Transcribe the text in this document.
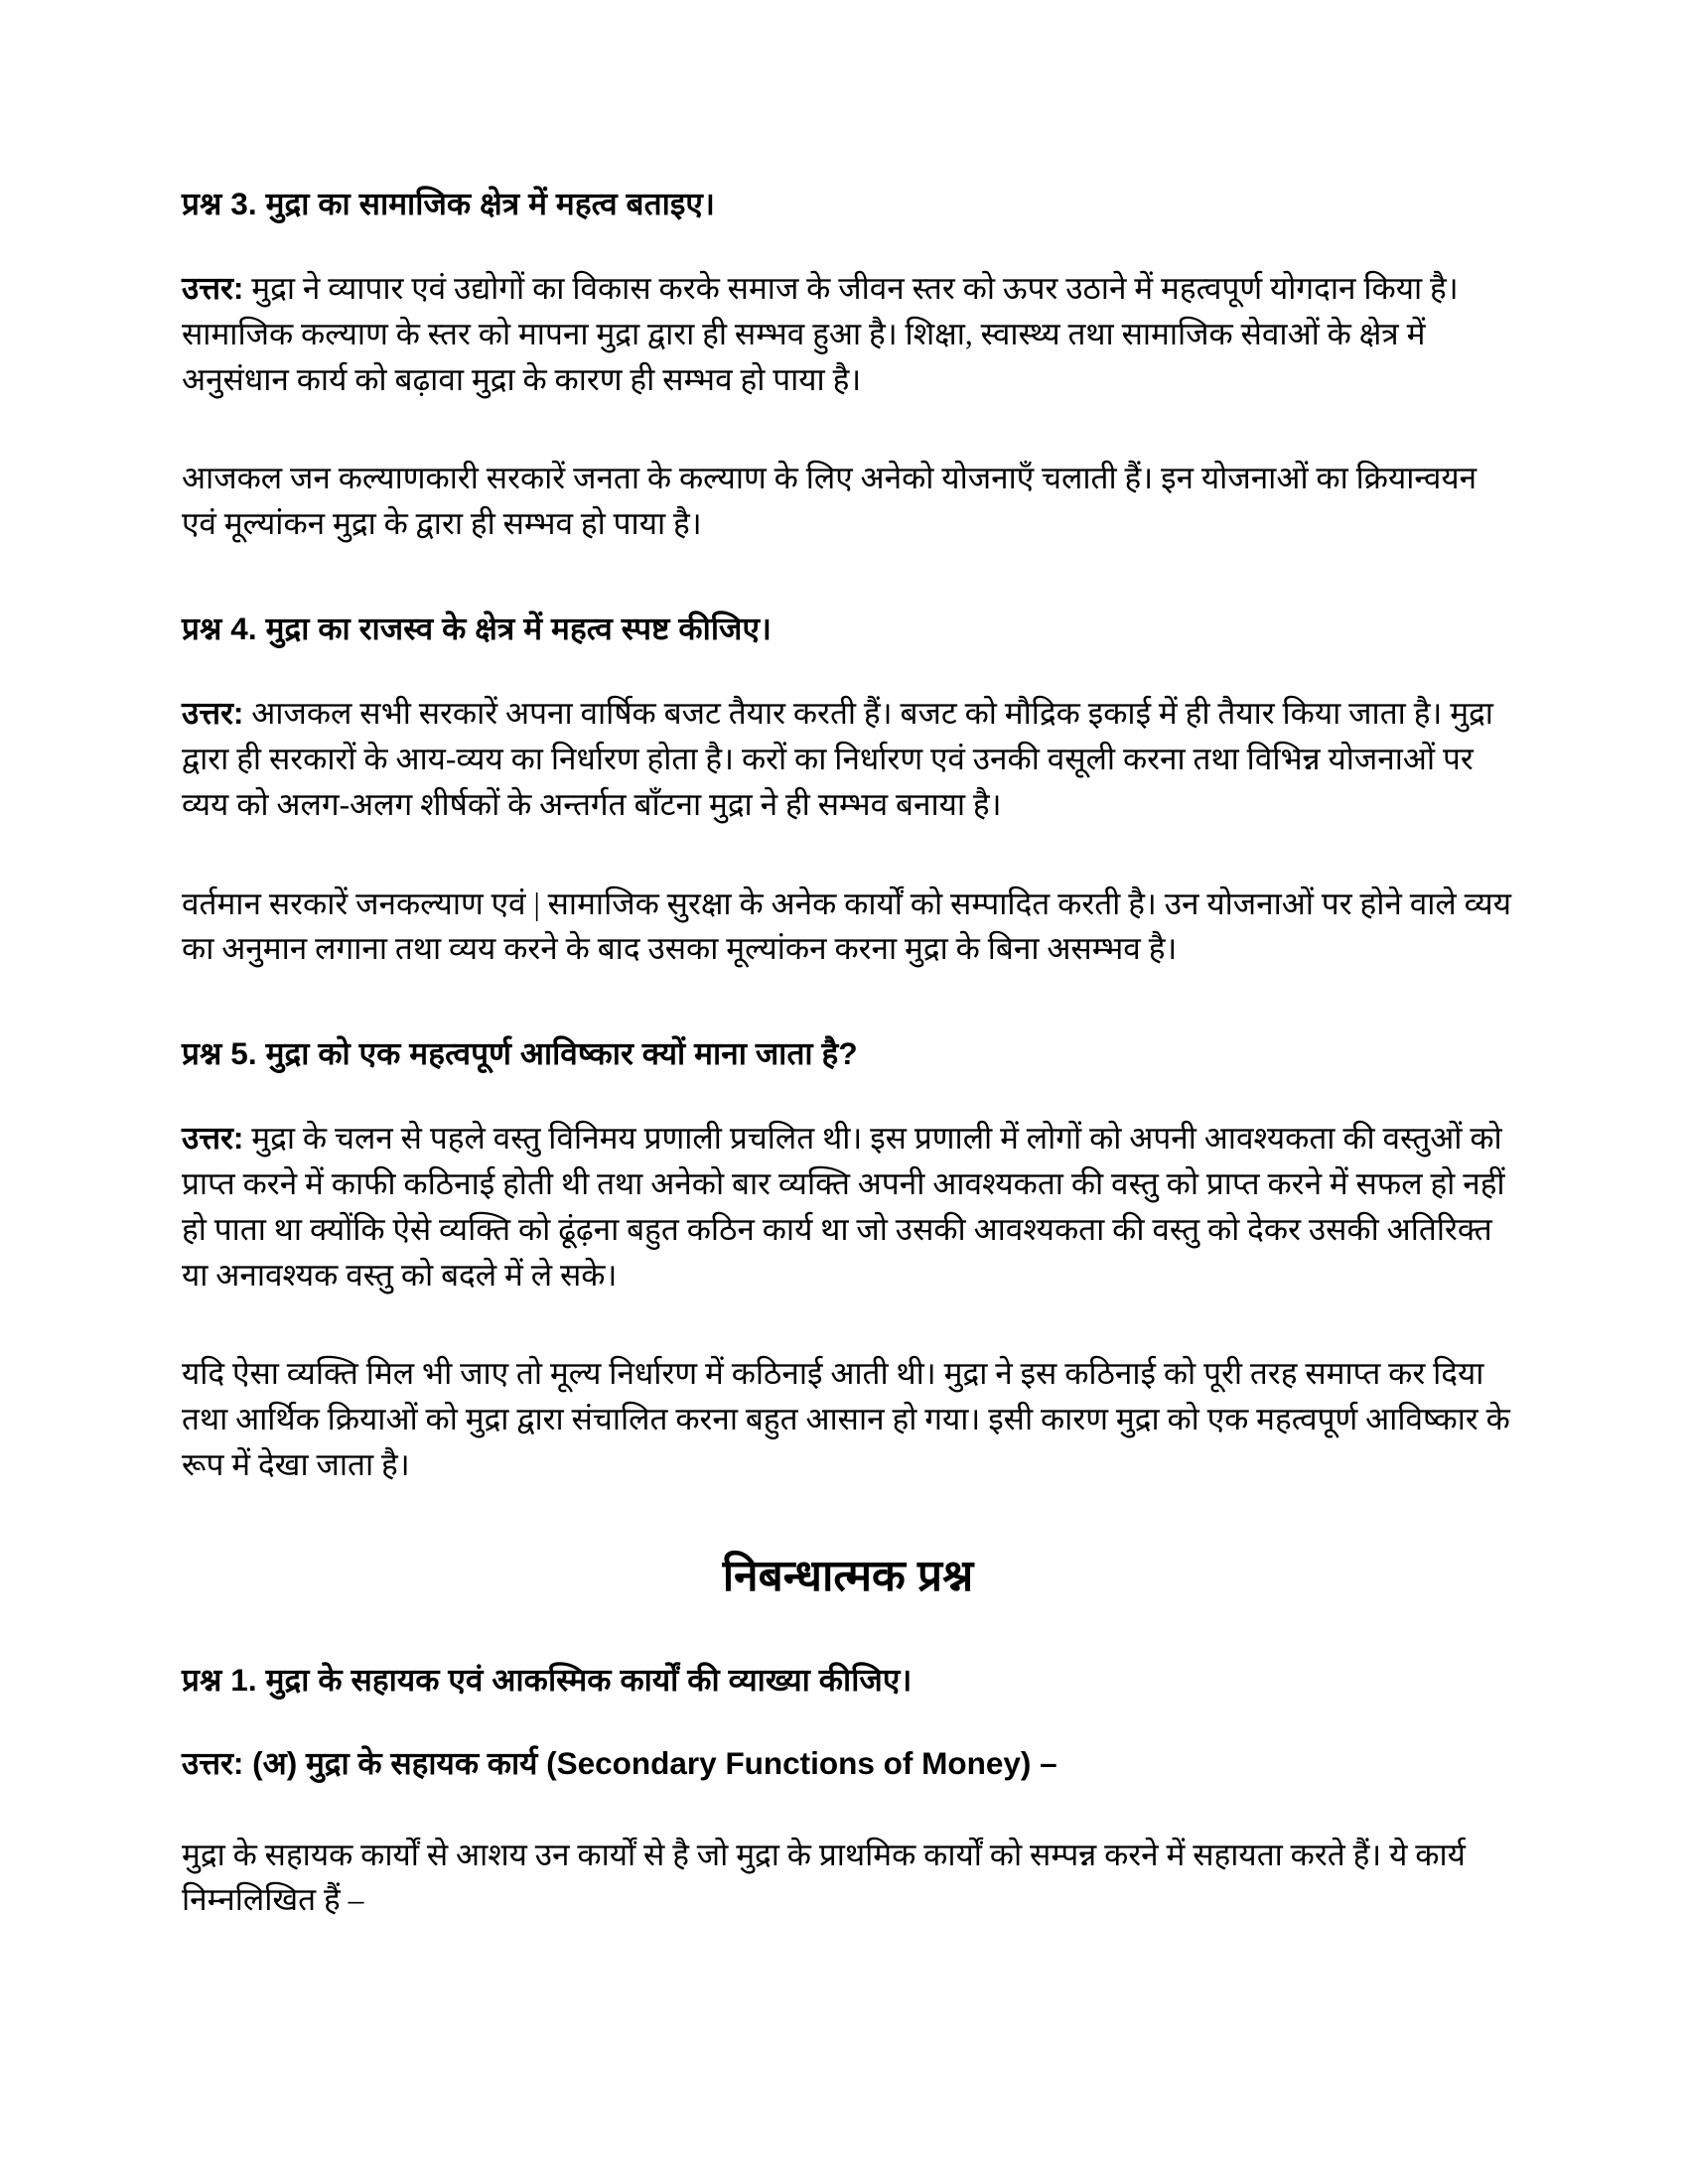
प्रश्न 3. मुद्रा का सामाजिक क्षेत्र में महत्व बताइए।

उत्तर: मुद्रा ने व्यापार एवं उद्योगों का विकास करके समाज के जीवन स्तर को ऊपर उठाने में महत्वपूर्ण योगदान किया है। सामाजिक कल्याण के स्तर को मापना मुद्रा द्वारा ही सम्भव हुआ है। शिक्षा, स्वास्थ्य तथा सामाजिक सेवाओं के क्षेत्र में अनुसंधान कार्य को बढ़ावा मुद्रा के कारण ही सम्भव हो पाया है।

आजकल जन कल्याणकारी सरकारें जनता के कल्याण के लिए अनेको योजनाएँ चलाती हैं। इन योजनाओं का क्रियान्वयन एवं मूल्यांकन मुद्रा के द्वारा ही सम्भव हो पाया है।

प्रश्न 4. मुद्रा का राजस्व के क्षेत्र में महत्व स्पष्ट कीजिए।

उत्तर: आजकल सभी सरकारें अपना वार्षिक बजट तैयार करती हैं। बजट को मौद्रिक इकाई में ही तैयार किया जाता है। मुद्रा द्वारा ही सरकारों के आय-व्यय का निर्धारण होता है। करों का निर्धारण एवं उनकी वसूली करना तथा विभिन्न योजनाओं पर व्यय को अलग-अलग शीर्षकों के अन्तर्गत बाँटना मुद्रा ने ही सम्भव बनाया है।

वर्तमान सरकारें जनकल्याण एवं | सामाजिक सुरक्षा के अनेक कार्यों को सम्पादित करती है। उन योजनाओं पर होने वाले व्यय का अनुमान लगाना तथा व्यय करने के बाद उसका मूल्यांकन करना मुद्रा के बिना असम्भव है।

प्रश्न 5. मुद्रा को एक महत्वपूर्ण आविष्कार क्यों माना जाता है?

उत्तर: मुद्रा के चलन से पहले वस्तु विनिमय प्रणाली प्रचलित थी। इस प्रणाली में लोगों को अपनी आवश्यकता की वस्तुओं को प्राप्त करने में काफी कठिनाई होती थी तथा अनेको बार व्यक्ति अपनी आवश्यकता की वस्तु को प्राप्त करने में सफल हो नहीं हो पाता था क्योंकि ऐसे व्यक्ति को ढूंढ़ना बहुत कठिन कार्य था जो उसकी आवश्यकता की वस्तु को देकर उसकी अतिरिक्त या अनावश्यक वस्तु को बदले में ले सके।

यदि ऐसा व्यक्ति मिल भी जाए तो मूल्य निर्धारण में कठिनाई आती थी। मुद्रा ने इस कठिनाई को पूरी तरह समाप्त कर दिया तथा आर्थिक क्रियाओं को मुद्रा द्वारा संचालित करना बहुत आसान हो गया। इसी कारण मुद्रा को एक महत्वपूर्ण आविष्कार के रूप में देखा जाता है।

निबन्धात्मक प्रश्न

प्रश्न 1. मुद्रा के सहायक एवं आकस्मिक कार्यों की व्याख्या कीजिए।

उत्तर: (अ) मुद्रा के सहायक कार्य (Secondary Functions of Money) –

मुद्रा के सहायक कार्यों से आशय उन कार्यों से है जो मुद्रा के प्राथमिक कार्यों को सम्पन्न करने में सहायता करते हैं। ये कार्य निम्नलिखित हैं –
